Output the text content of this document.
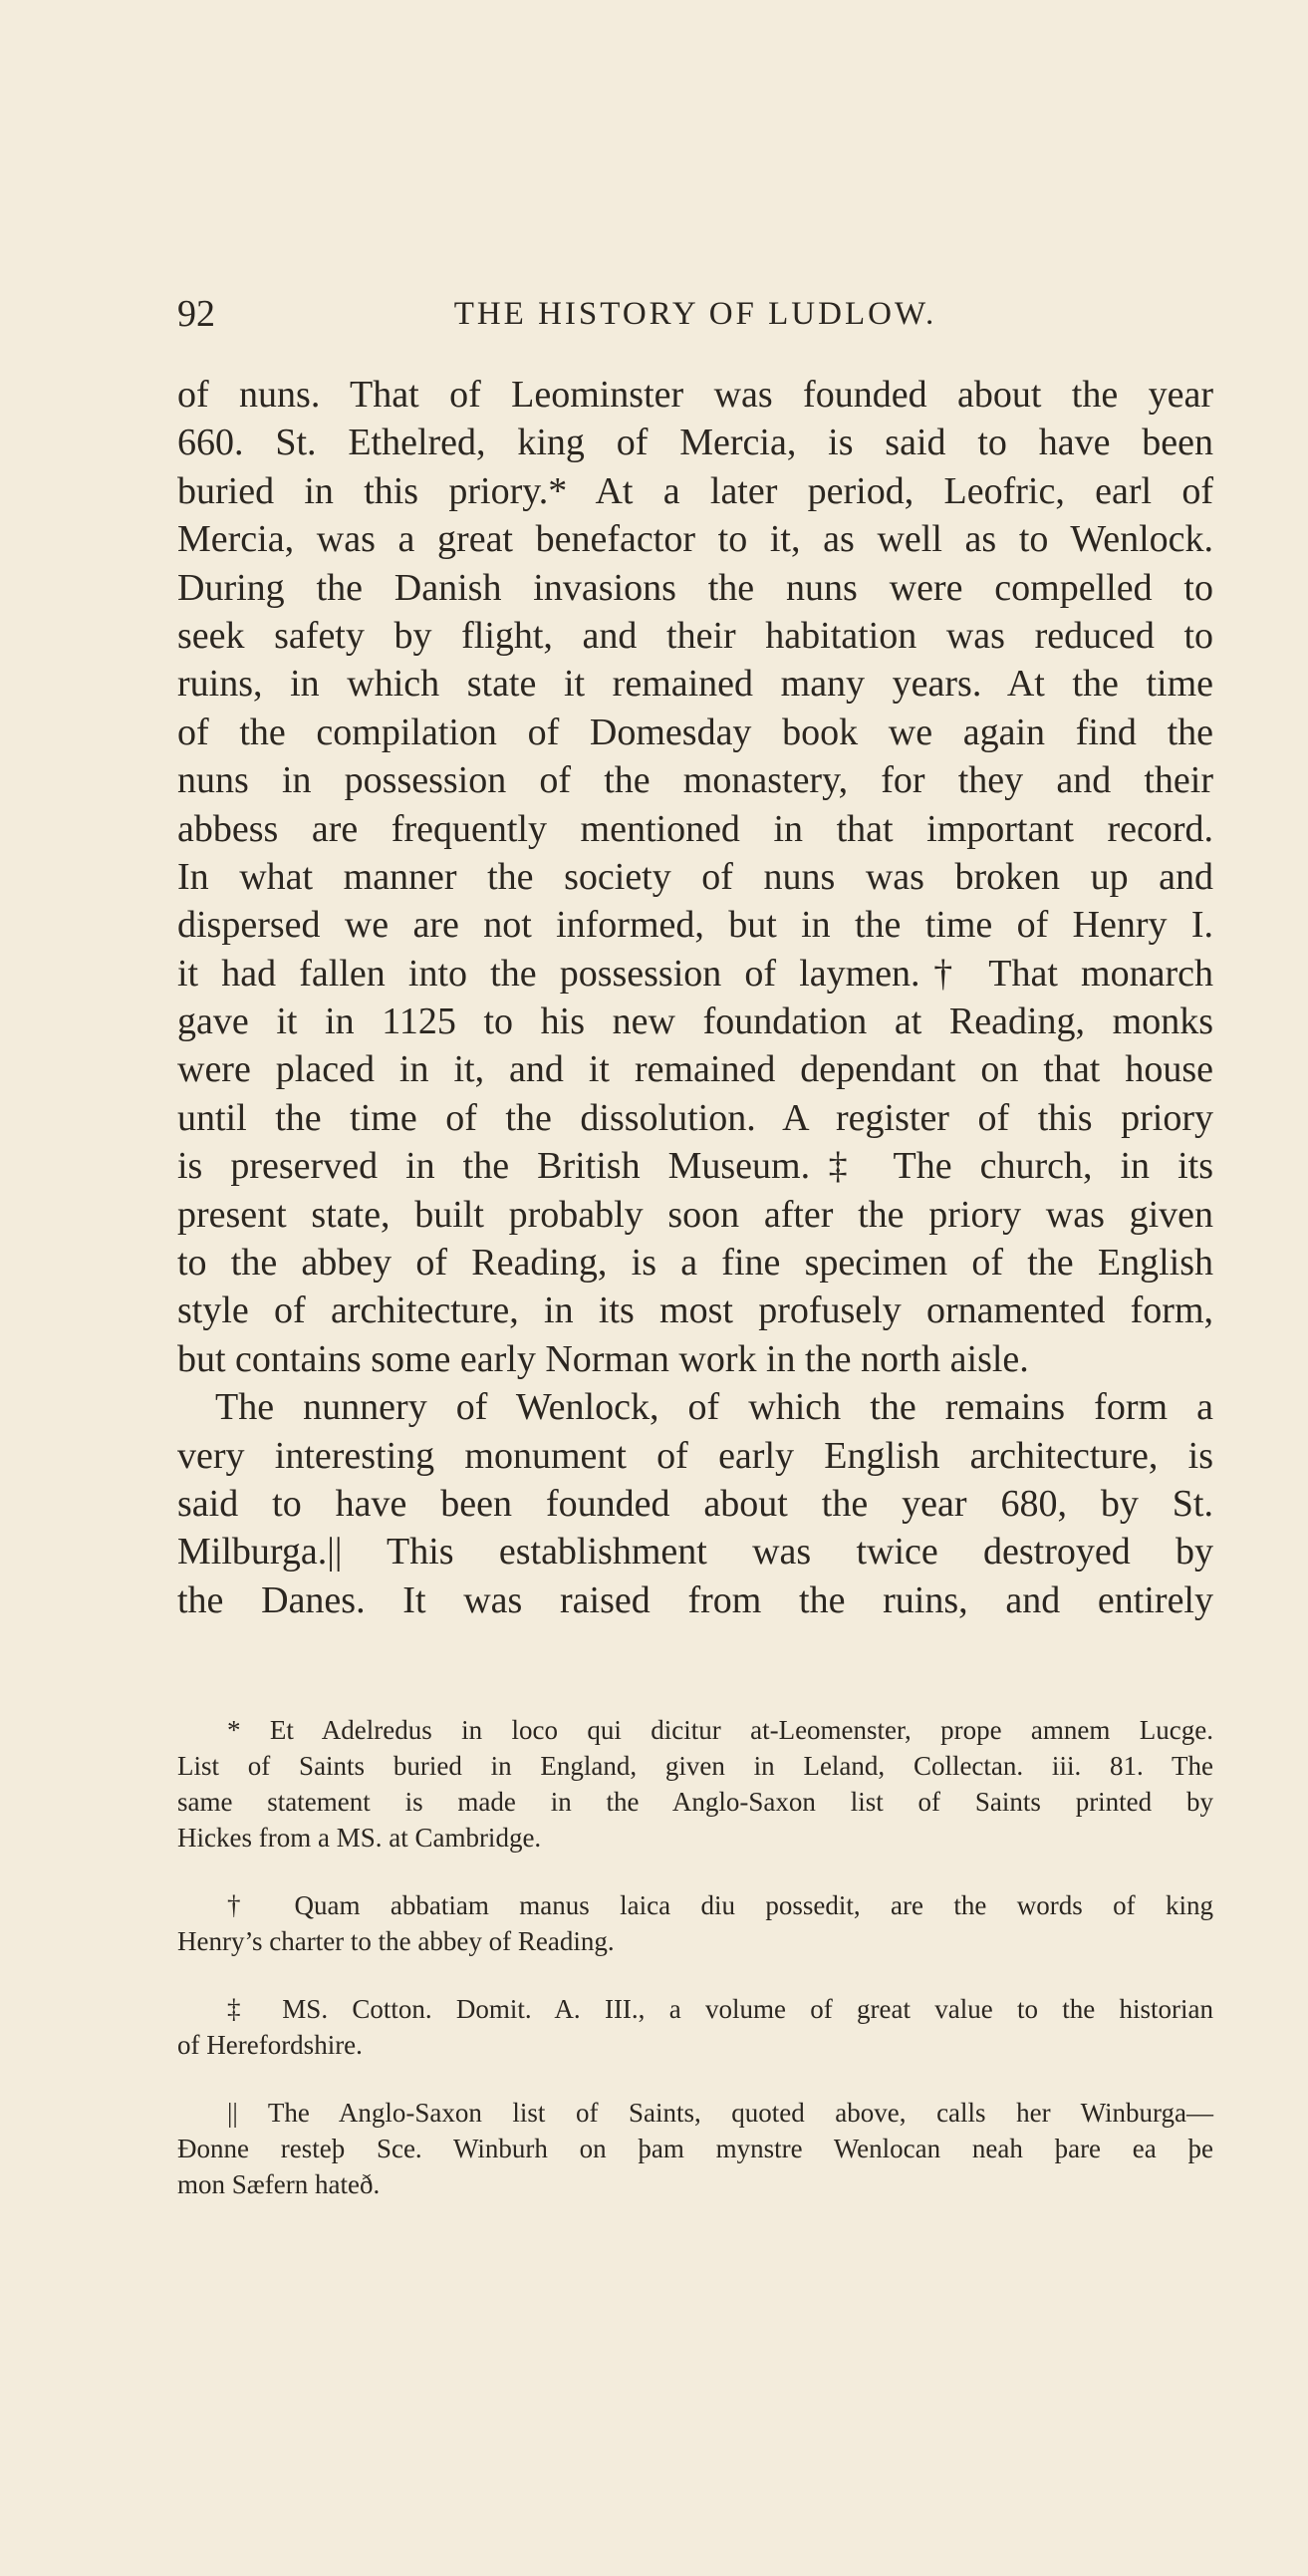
92	THE HISTORY OF LUDLOW.
of nuns. That of Leominster was founded about the year
660. St. Ethelred, king of Mercia, is said to have been
buried in this priory.* At a later period, Leofric, earl of
Mercia, was a great benefactor to it, as well as to Wenlock.
During the Danish invasions the nuns were compelled to
seek safety by flight, and their habitation was reduced to
ruins, in which state it remained many years. At the time
of the compilation of Domesday book we again find the
nuns in possession of the monastery, for they and their
abbess are frequently mentioned in that important record.
In what manner the society of nuns was broken up and
dispersed we are not informed, but in the time of Henry I.
it had fallen into the possession of laymen.† That monarch
gave it in 1125 to his new foundation at Reading, monks
were placed in it, and it remained dependant on that house
until the time of the dissolution. A register of this priory
is preserved in the British Museum.‡ The church, in its
present state, built probably soon after the priory was given
to the abbey of Reading, is a fine specimen of the English
style of architecture, in its most profusely ornamented form,
but contains some early Norman work in the north aisle.
The nunnery of Wenlock, of which the remains form a
very interesting monument of early English architecture, is
said to have been founded about the year 680, by St.
Milburga.|| This establishment was twice destroyed by
the Danes. It was raised from the ruins, and entirely
* Et Adelredus in loco qui dicitur at-Leomenster, prope amnem Lucge.
List of Saints buried in England, given in Leland, Collectan. iii. 81. The
same statement is made in the Anglo-Saxon list of Saints printed by
Hickes from a MS. at Cambridge.
† Quam abbatiam manus laica diu possedit, are the words of king
Henry’s charter to the abbey of Reading.
‡ MS. Cotton. Domit. A. III., a volume of great value to the historian
of Herefordshire.
|| The Anglo-Saxon list of Saints, quoted above, calls her Winburga—
Ðonne resteþ Sce. Winburh on þam mynstre Wenlocan neah þare ea þe
mon Sæfern hateð.
